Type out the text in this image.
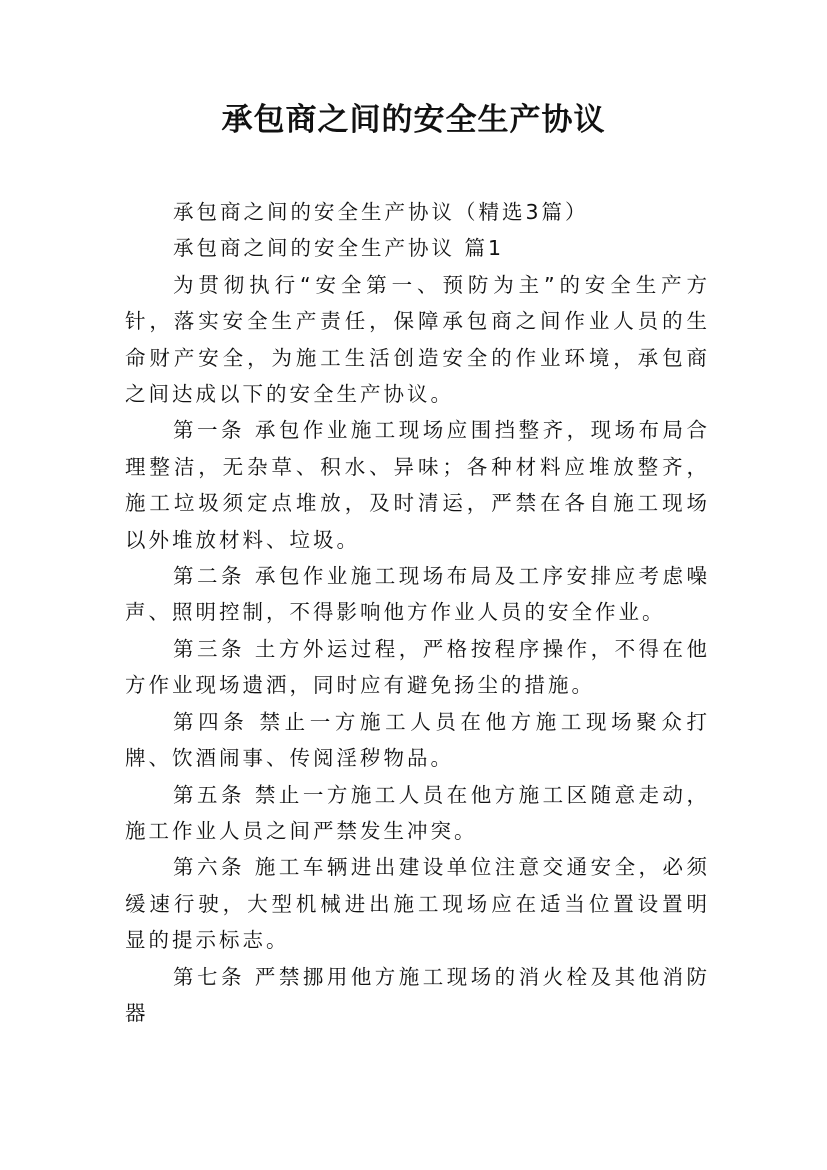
承包商之间的安全生产协议

承包商之间的安全生产协议（精选3篇）

承包商之间的安全生产协议 篇1

为贯彻执行“安全第一、预防为主”的安全生产方针，落实安全生产责任，保障承包商之间作业人员的生命财产安全，为施工生活创造安全的作业环境，承包商之间达成以下的安全生产协议。

第一条 承包作业施工现场应围挡整齐，现场布局合理整洁，无杂草、积水、异味；各种材料应堆放整齐，施工垃圾须定点堆放，及时清运，严禁在各自施工现场以外堆放材料、垃圾。

第二条 承包作业施工现场布局及工序安排应考虑噪声、照明控制，不得影响他方作业人员的安全作业。

第三条 土方外运过程，严格按程序操作，不得在他方作业现场遗洒，同时应有避免扬尘的措施。

第四条 禁止一方施工人员在他方施工现场聚众打牌、饮酒闹事、传阅淫秽物品。

第五条 禁止一方施工人员在他方施工区随意走动，施工作业人员之间严禁发生冲突。

第六条 施工车辆进出建设单位注意交通安全，必须缓速行驶，大型机械进出施工现场应在适当位置设置明显的提示标志。

第七条 严禁挪用他方施工现场的消火栓及其他消防器
